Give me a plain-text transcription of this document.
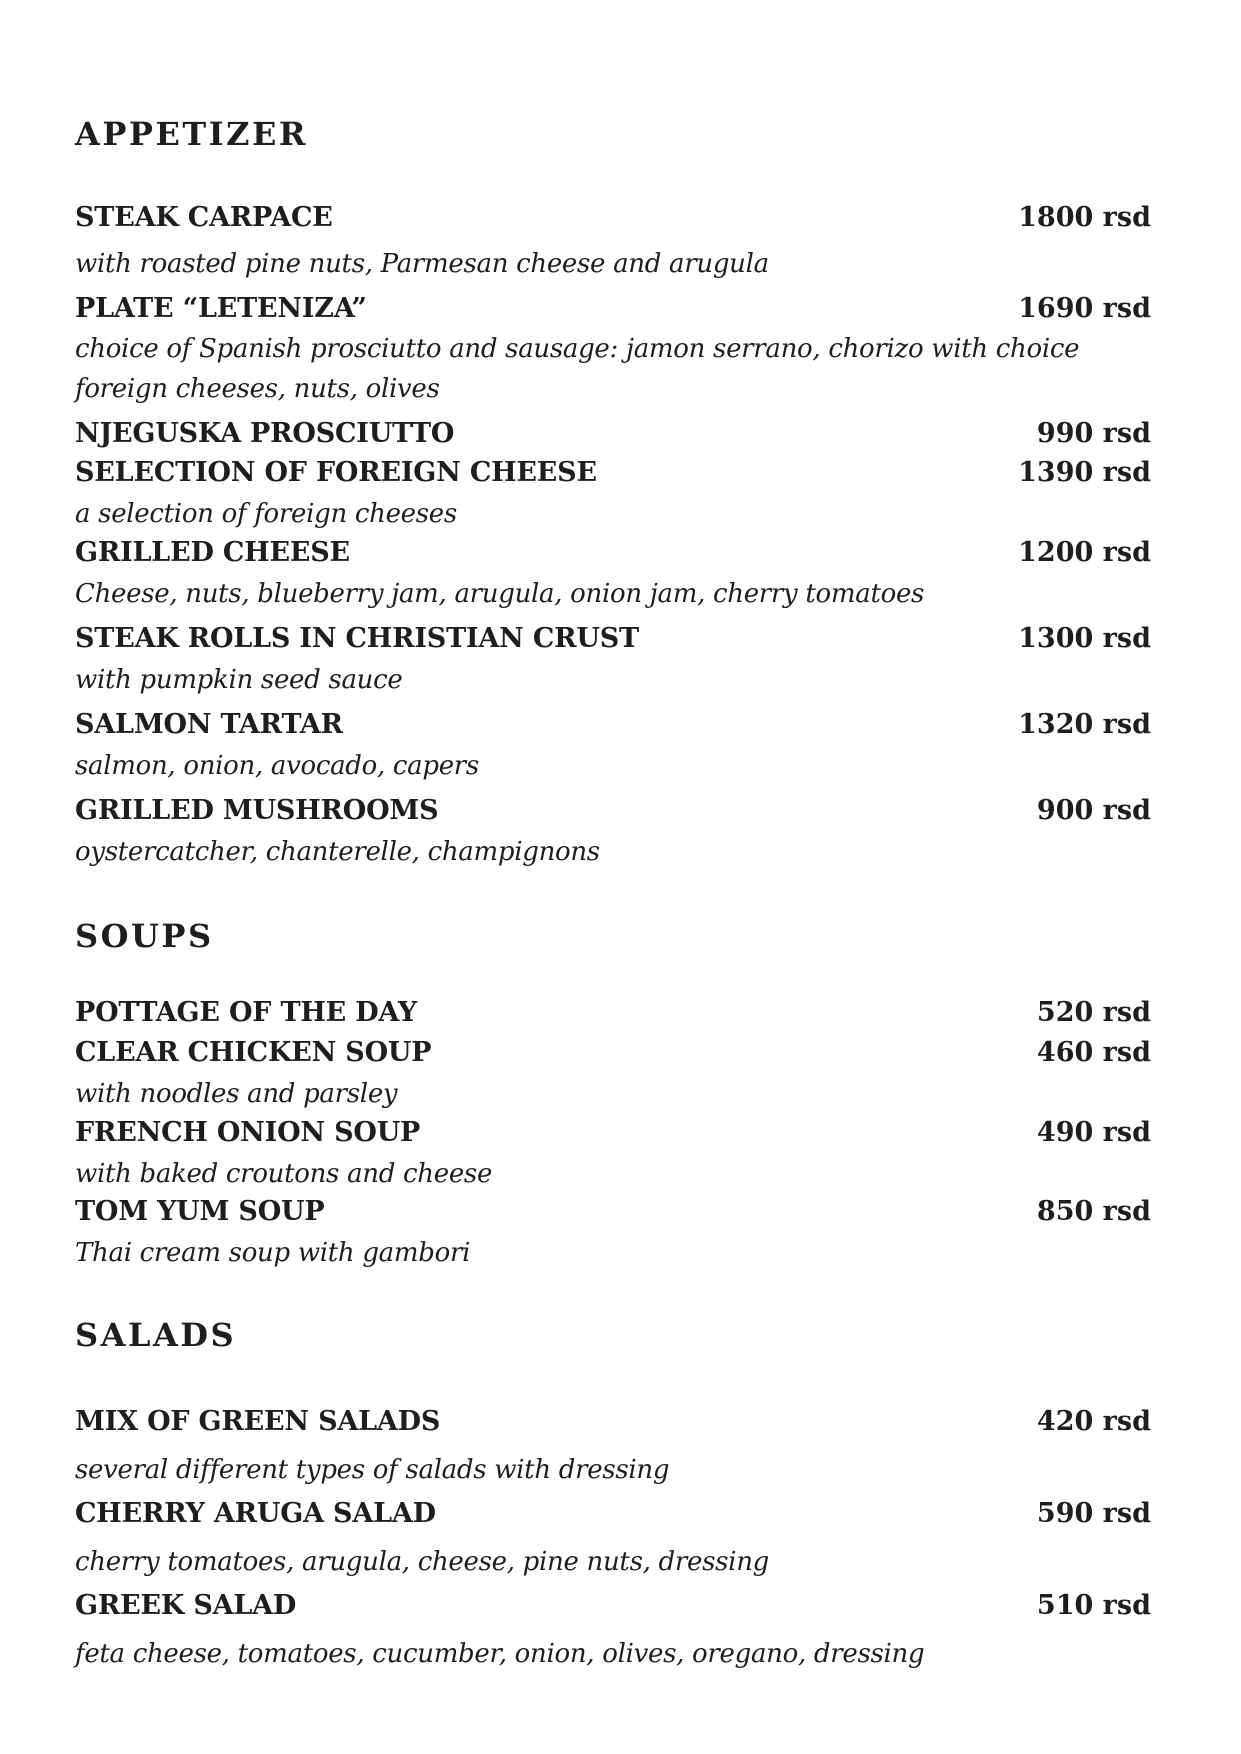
APPETIZER
STEAK CARPACE	1800 rsd
with roasted pine nuts, Parmesan cheese and arugula
PLATE “LETENIZA”	1690 rsd
choice of Spanish prosciutto and sausage: jamon serrano, chorizo with choice
foreign cheeses, nuts, olives
NJEGUSKA PROSCIUTTO	990 rsd
SELECTION OF FOREIGN CHEESE	1390 rsd
a selection of foreign cheeses
GRILLED CHEESE	1200 rsd
Cheese, nuts, blueberry jam, arugula, onion jam, cherry tomatoes
STEAK ROLLS IN CHRISTIAN CRUST	1300 rsd
with pumpkin seed sauce
SALMON TARTAR	1320 rsd
salmon, onion, avocado, capers
GRILLED MUSHROOMS	900 rsd
oystercatcher, chanterelle, champignons
SOUPS
POTTAGE OF THE DAY	520 rsd
CLEAR CHICKEN SOUP	460 rsd
with noodles and parsley
FRENCH ONION SOUP	490 rsd
with baked croutons and cheese
TOM YUM SOUP	850 rsd
Thai cream soup with gambori
SALADS
MIX OF GREEN SALADS	420 rsd
several different types of salads with dressing
CHERRY ARUGA SALAD	590 rsd
cherry tomatoes, arugula, cheese, pine nuts, dressing
GREEK SALAD	510 rsd
feta cheese, tomatoes, cucumber, onion, olives, oregano, dressing
